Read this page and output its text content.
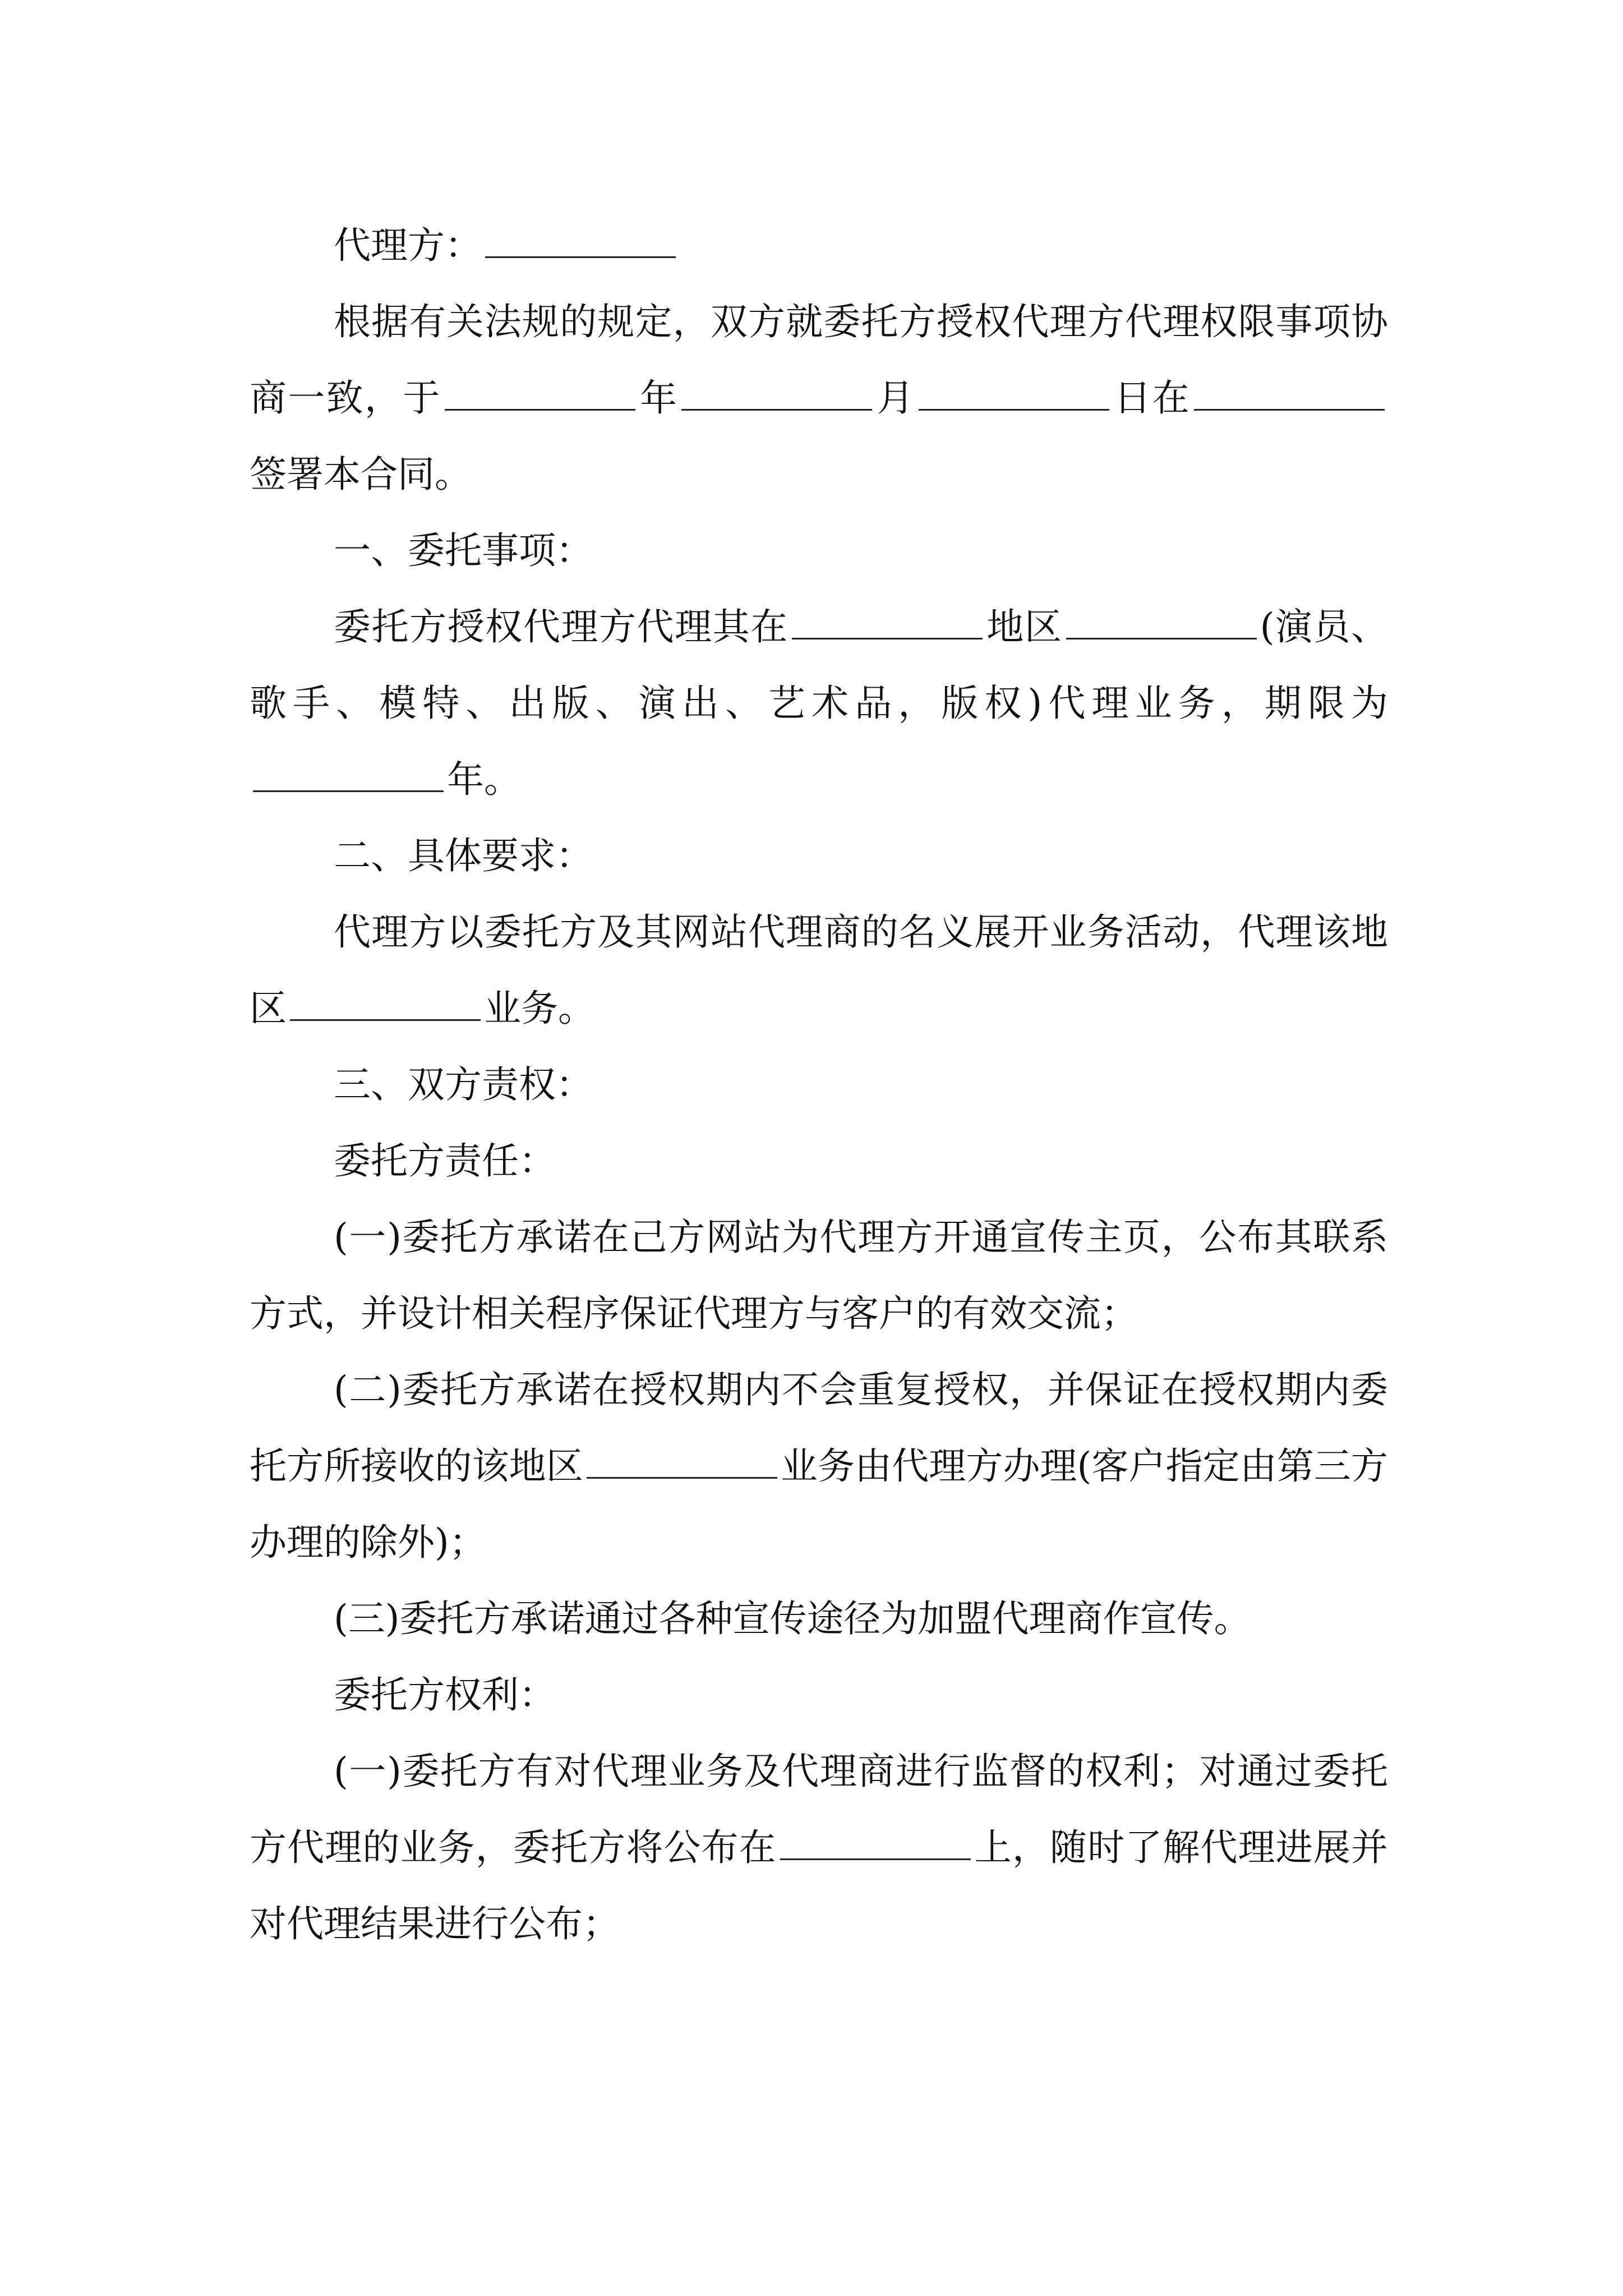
代理方：

根据有关法规的规定，双方就委托方授权代理方代理权限事项协商一致，于	年	月	日在签署本合同。

一、委托事项：

委托方授权代理方代理其在	地区	(演员、歌手、模特、出版、演出、艺术品，版权)代理业务，期限为年。

二、具体要求：

代理方以委托方及其网站代理商的名义展开业务活动，代理该地区	业务。

三、双方责权：

委托方责任：

(一)委托方承诺在己方网站为代理方开通宣传主页，公布其联系方式，并设计相关程序保证代理方与客户的有效交流；

(二)委托方承诺在授权期内不会重复授权，并保证在授权期内委托方所接收的该地区	业务由代理方办理(客户指定由第三方办理的除外)；

(三)委托方承诺通过各种宣传途径为加盟代理商作宣传。

委托方权利：

(一)委托方有对代理业务及代理商进行监督的权利；对通过委托方代理的业务，委托方将公布在	上，随时了解代理进展并对代理结果进行公布；
